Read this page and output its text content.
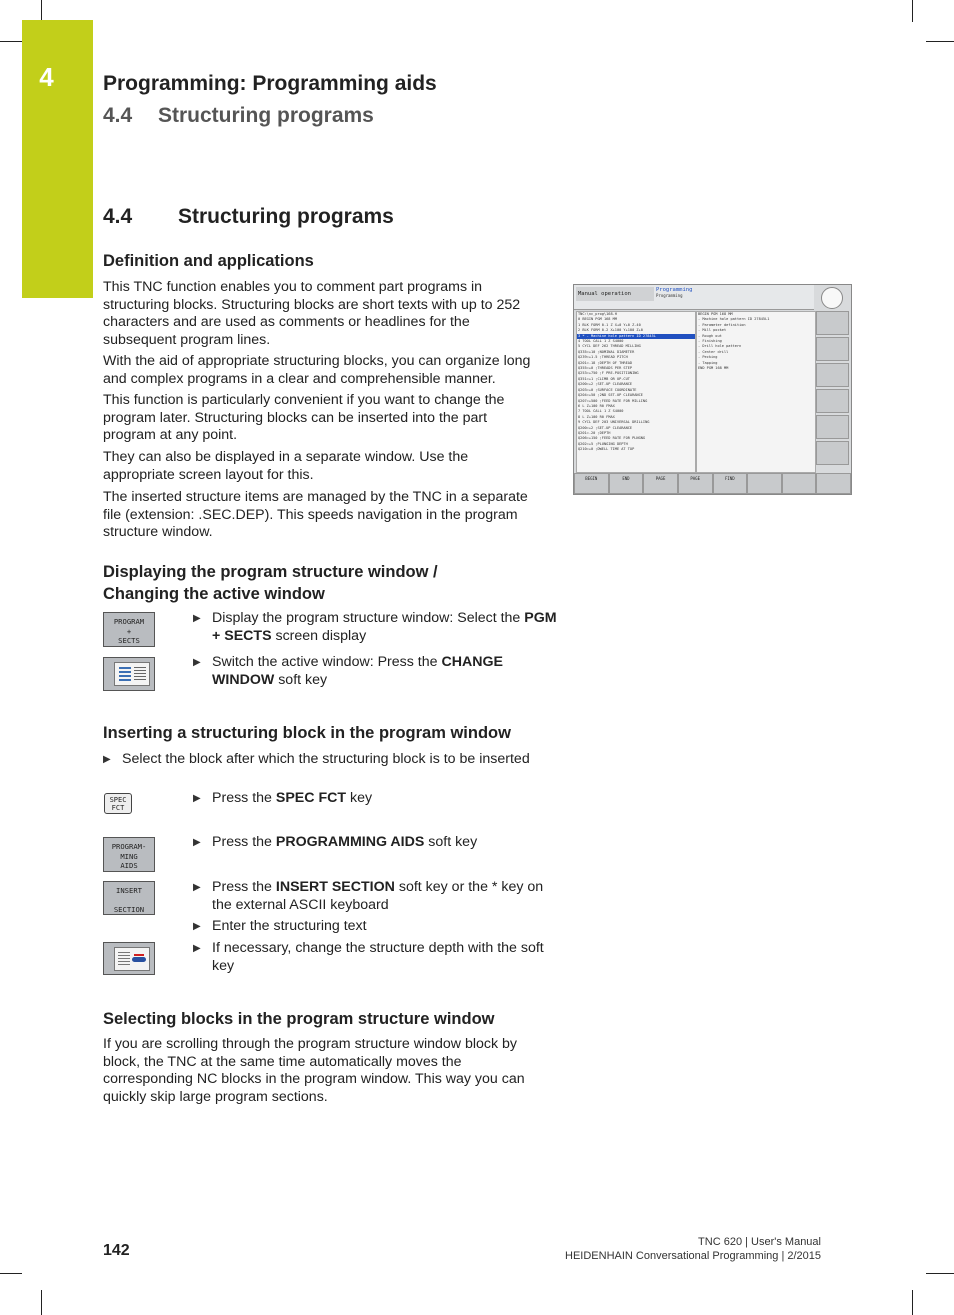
4	Programming: Programming aids
4.4 Structuring programs
4.4 Structuring programs
Definition and applications
This TNC function enables you to comment part programs in structuring blocks. Structuring blocks are short texts with up to 252 characters and are used as comments or headlines for the subsequent program lines.
With the aid of appropriate structuring blocks, you can organize long and complex programs in a clear and comprehensible manner.
This function is particularly convenient if you want to change the program later. Structuring blocks can be inserted into the part program at any point.
They can also be displayed in a separate window. Use the appropriate screen layout for this.
The inserted structure items are managed by the TNC in a separate file (extension: .SEC.DEP). This speeds navigation in the program structure window.
Manual operation
Programming
Programming
TNC:\nc_prog\168.H
0 BEGIN PGM 168 MM
1 BLK FORM 0.1 Z X+0 Y+0 Z-40
2 BLK FORM 0.2 X+100 Y+100 Z+0
3 * - Machine hole pattern ID 27845L
4 TOOL CALL 1 Z S4000
5 CYCL DEF 262 THREAD MILLING
Q335=+10 ;NOMINAL DIAMETER
Q239=+1.5 ;THREAD PITCH
Q201=-18 ;DEPTH OF THREAD
Q355=+0 ;THREADS PER STEP
Q253=+750 ;F PRE-POSITIONING
Q351=+1 ;CLIMB OR UP-CUT
Q200=+2 ;SET-UP CLEARANCE
Q203=+0 ;SURFACE COORDINATE
Q204=+50 ;2ND SET-UP CLEARANCE
Q207=+500 ;FEED RATE FOR MILLING
6 L Z+100 R0 FMAX
7 TOOL CALL 1 Z S4000
8 L Z+100 R0 FMAX
9 CYCL DEF 203 UNIVERSAL DRILLING
Q200=+2 ;SET-UP CLEARANCE
Q201=-20 ;DEPTH
Q206=+150 ;FEED RATE FOR PLNGNG
Q202=+5 ;PLUNGING DEPTH
Q210=+0 ;DWELL TIME AT TOP
BEGIN PGM 168 MM
- Machine hole pattern ID 27845L1
- Parameter definition
- Mill pocket
- Rough out
- Finishing
- Drill hole pattern
- Center drill
- Pecking
- Tapping
END PGM 168 MM
BEGIN	END	PAGE	PAGE	FIND
Displaying the program structure window /
Changing the active window
PROGRAM
+
SECTS
▶ Display the program structure window: Select the PGM + SECTS screen display
▶ Switch the active window: Press the CHANGE WINDOW soft key
Inserting a structuring block in the program window
▶ Select the block after which the structuring block is to be inserted
SPEC
FCT
▶ Press the SPEC FCT key
PROGRAM-
MING
AIDS
▶ Press the PROGRAMMING AIDS soft key
INSERT

SECTION
▶ Press the INSERT SECTION soft key or the * key on the external ASCII keyboard
▶ Enter the structuring text
▶ If necessary, change the structure depth with the soft key
Selecting blocks in the program structure window
If you are scrolling through the program structure window block by block, the TNC at the same time automatically moves the corresponding NC blocks in the program window. This way you can quickly skip large program sections.
142	TNC 620 | User's Manual
HEIDENHAIN Conversational Programming | 2/2015
